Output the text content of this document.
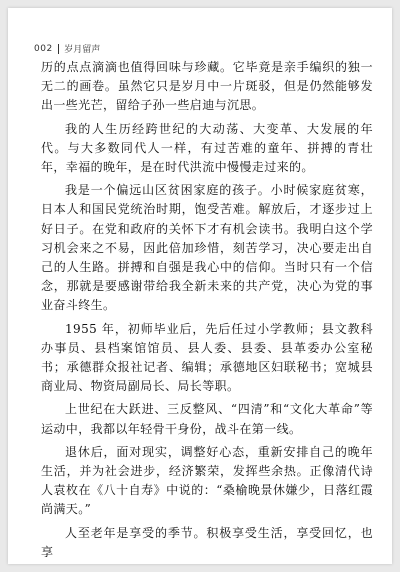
002 岁月留声

历的点点滴滴也值得回味与珍藏。它毕竟是亲手编织的独一无二的画卷。虽然它只是岁月中一片斑驳，但是仍然能够发出一些光芒，留给子孙一些启迪与沉思。

我的人生历经跨世纪的大动荡、大变革、大发展的年代。与大多数同代人一样，有过苦难的童年、拼搏的青壮年，幸福的晚年，是在时代洪流中慢慢走过来的。

我是一个偏远山区贫困家庭的孩子。小时候家庭贫寒，日本人和国民党统治时期，饱受苦难。解放后，才逐步过上好日子。在党和政府的关怀下才有机会读书。我明白这个学习机会来之不易，因此倍加珍惜，刻苦学习，决心要走出自己的人生路。拼搏和自强是我心中的信仰。当时只有一个信念，那就是要感谢带给我全新未来的共产党，决心为党的事业奋斗终生。

1955 年，初师毕业后，先后任过小学教师；县文教科办事员、县档案馆馆员、县人委、县委、县革委办公室秘书；承德群众报社记者、编辑；承德地区妇联秘书；宽城县商业局、物资局副局长、局长等职。

上世纪在大跃进、三反整风、“四清”和“文化大革命”等运动中，我都以年轻骨干身份，战斗在第一线。

退休后，面对现实，调整好心态，重新安排自己的晚年生活，并为社会进步，经济繁荣，发挥些余热。正像清代诗人袁枚在《八十自寿》中说的：“桑榆晚景休嫌少，日落红霞尚满天。”

人至老年是享受的季节。积极享受生活，享受回忆，也享
